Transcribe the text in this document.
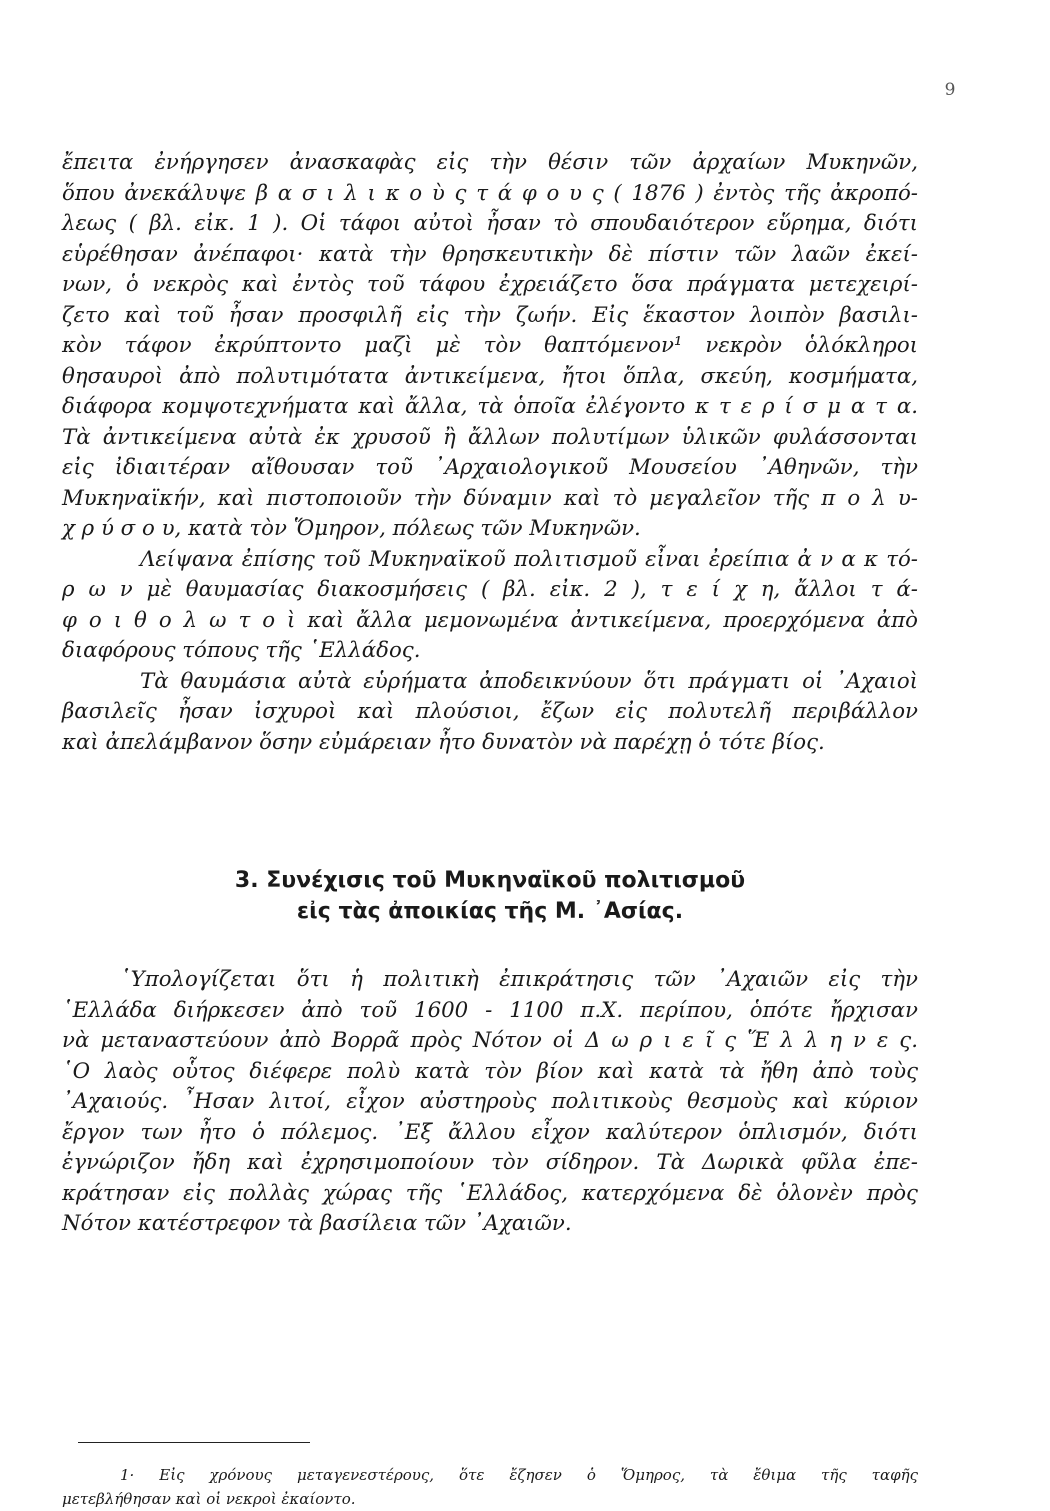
9
ἔπειτα ἐνήργησεν ἀνασκαφὰς εἰς τὴν θέσιν τῶν ἀρχαίων Μυκηνῶν,
ὅπου ἀνεκάλυψε β α σ ι λ ι κ ο ὺ ς τ ά φ ο υ ς ( 1876 ) ἐντὸς τῆς ἀκροπό-
λεως ( βλ. εἰκ. 1 ). Οἱ τάφοι αὐτοὶ ἦσαν τὸ σπουδαιότερον εὕρημα, διότι
εὑρέθησαν ἀνέπαφοι· κατὰ τὴν θρησκευτικὴν δὲ πίστιν τῶν λαῶν ἐκεί-
νων, ὁ νεκρὸς καὶ ἐντὸς τοῦ τάφου ἐχρειάζετο ὅσα πράγματα μετεχειρί-
ζετο καὶ τοῦ ἦσαν προσφιλῆ εἰς τὴν ζωήν. Εἰς ἕκαστον λοιπὸν βασιλι-
κὸν τάφον ἐκρύπτοντο μαζὶ μὲ τὸν θαπτόμενον¹ νεκρὸν ὁλόκληροι
θησαυροὶ ἀπὸ πολυτιμότατα ἀντικείμενα, ἤτοι ὅπλα, σκεύη, κοσμήματα,
διάφορα κομψοτεχνήματα καὶ ἄλλα, τὰ ὁποῖα ἐλέγοντο κ τ ε ρ ί σ μ α τ α.
Τὰ ἀντικείμενα αὐτὰ ἐκ χρυσοῦ ἢ ἄλλων πολυτίμων ὑλικῶν φυλάσσονται
εἰς ἰδιαιτέραν αἴθουσαν τοῦ ᾿Αρχαιολογικοῦ Μουσείου ᾿Αθηνῶν, τὴν
Μυκηναϊκήν, καὶ πιστοποιοῦν τὴν δύναμιν καὶ τὸ μεγαλεῖον τῆς π ο λ υ-
χ ρ ύ σ ο υ, κατὰ τὸν Ὅμηρον, πόλεως τῶν Μυκηνῶν.
Λείψανα ἐπίσης τοῦ Μυκηναϊκοῦ πολιτισμοῦ εἶναι ἐρείπια ἀ ν α κ τό-
ρ ω ν μὲ θαυμασίας διακοσμήσεις ( βλ. εἰκ. 2 ), τ ε ί χ η, ἄλλοι τ ά-
φ ο ι θ ο λ ω τ ο ὶ καὶ ἄλλα μεμονωμένα ἀντικείμενα, προερχόμενα ἀπὸ
διαφόρους τόπους τῆς ῾Ελλάδος.
Τὰ θαυμάσια αὐτὰ εὑρήματα ἀποδεικνύουν ὅτι πράγματι οἱ ᾿Αχαιοὶ
βασιλεῖς ἦσαν ἰσχυροὶ καὶ πλούσιοι, ἔζων εἰς πολυτελῆ περιβάλλον
καὶ ἀπελάμβανον ὅσην εὐμάρειαν ἦτο δυνατὸν νὰ παρέχῃ ὁ τότε βίος.
3. Συνέχισις τοῦ Μυκηναϊκοῦ πολιτισμοῦ
εἰς τὰς ἀποικίας τῆς Μ. ᾿Ασίας.
῾Υπολογίζεται ὅτι ἡ πολιτικὴ ἐπικράτησις τῶν ᾿Αχαιῶν εἰς τὴν
῾Ελλάδα διήρκεσεν ἀπὸ τοῦ 1600 - 1100 π.Χ. περίπου, ὁπότε ἤρχισαν
νὰ μεταναστεύουν ἀπὸ Βορρᾶ πρὸς Νότον οἱ Δ ω ρ ι ε ῖ ς Ἕ λ λ η ν ε ς.
῾Ο λαὸς οὗτος διέφερε πολὺ κατὰ τὸν βίον καὶ κατὰ τὰ ἤθη ἀπὸ τοὺς
᾿Αχαιούς. ῏Ησαν λιτοί, εἶχον αὐστηροὺς πολιτικοὺς θεσμοὺς καὶ κύριον
ἔργον των ἦτο ὁ πόλεμος. ᾿Εξ ἄλλου εἶχον καλύτερον ὁπλισμόν, διότι
ἐγνώριζον ἤδη καὶ ἐχρησιμοποίουν τὸν σίδηρον. Τὰ Δωρικὰ φῦλα ἐπε-
κράτησαν εἰς πολλὰς χώρας τῆς ῾Ελλάδος, κατερχόμενα δὲ ὁλονὲν πρὸς
Νότον κατέστρεφον τὰ βασίλεια τῶν ᾿Αχαιῶν.
1· Εἰς χρόνους μεταγενεστέρους, ὅτε ἔζησεν ὁ Ὅμηρος, τὰ ἔθιμα τῆς ταφῆς
μετεβλήθησαν καὶ οἱ νεκροὶ ἐκαίοντο.
